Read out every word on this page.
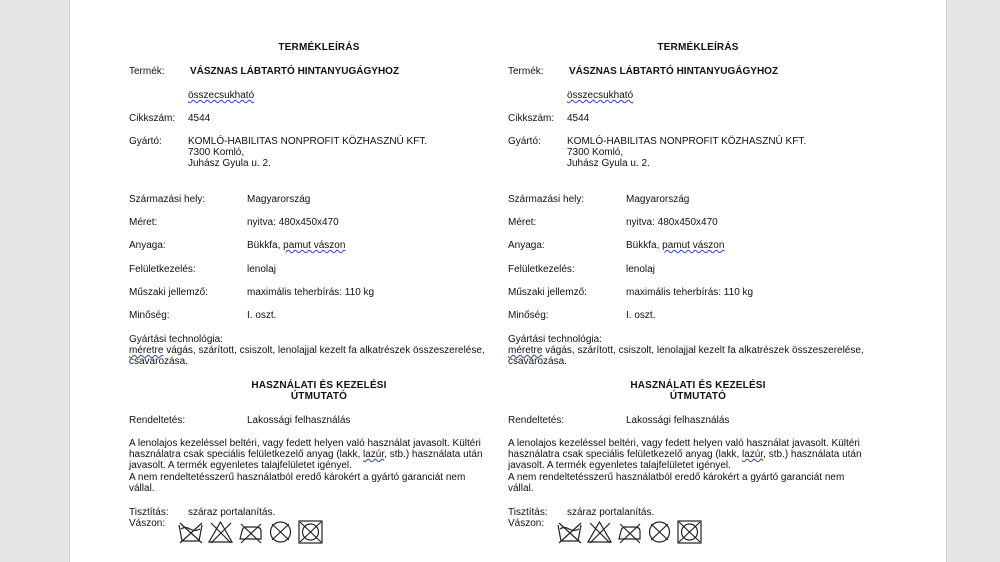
TERMÉKLEÍRÁS
Termék:	VÁSZNAS LÁBTARTÓ HINTANYUGÁGYHOZ
összecsukható
Cikkszám: 4544
Gyártó:	KOMLÓ-HABILITAS NONPROFIT KÖZHASZNÚ KFT.
7300 Komló,
Juhász Gyula u. 2.
Származási hely:	Magyarország
Méret:	nyitva: 480x450x470
Anyaga:	Bükkfa, pamut vászon
Felületkezelés:	lenolaj
Műszaki jellemző:	maximális teherbírás: 110 kg
Minőség:	I. oszt.
Gyártási technológia:
méretre vágás, szárított, csiszolt, lenolajjal kezelt fa alkatrészek összeszerelése,
csavarozása.
HASZNÁLATI ÉS KEZELÉSI
ÚTMUTATÓ
Rendeltetés:	Lakossági felhasználás
A lenolajos kezeléssel beltéri, vagy fedett helyen való használat javasolt. Kültéri
használatra csak speciális felületkezelő anyag (lakk, lazúr, stb.) használata után
javasolt. A termék egyenletes talajfelületet igényel.
A nem rendeltetésszerű használatból eredő károkért a gyártó garanciát nem
vállal.
Tisztítás: száraz portalanítás.
Vászon:
TERMÉKLEÍRÁS
Termék:	VÁSZNAS LÁBTARTÓ HINTANYUGÁGYHOZ
összecsukható
Cikkszám: 4544
Gyártó:	KOMLÓ-HABILITAS NONPROFIT KÖZHASZNÚ KFT.
7300 Komló,
Juhász Gyula u. 2.
Származási hely:	Magyarország
Méret:	nyitva: 480x450x470
Anyaga:	Bükkfa, pamut vászon
Felületkezelés:	lenolaj
Műszaki jellemző:	maximális teherbírás: 110 kg
Minőség:	I. oszt.
Gyártási technológia:
méretre vágás, szárított, csiszolt, lenolajjal kezelt fa alkatrészek összeszerelése,
csavarozása.
HASZNÁLATI ÉS KEZELÉSI
ÚTMUTATÓ
Rendeltetés:	Lakossági felhasználás
A lenolajos kezeléssel beltéri, vagy fedett helyen való használat javasolt. Kültéri
használatra csak speciális felületkezelő anyag (lakk, lazúr, stb.) használata után
javasolt. A termék egyenletes talajfelületet igényel.
A nem rendeltetésszerű használatból eredő károkért a gyártó garanciát nem
vállal.
Tisztítás: száraz portalanítás.
Vászon:
